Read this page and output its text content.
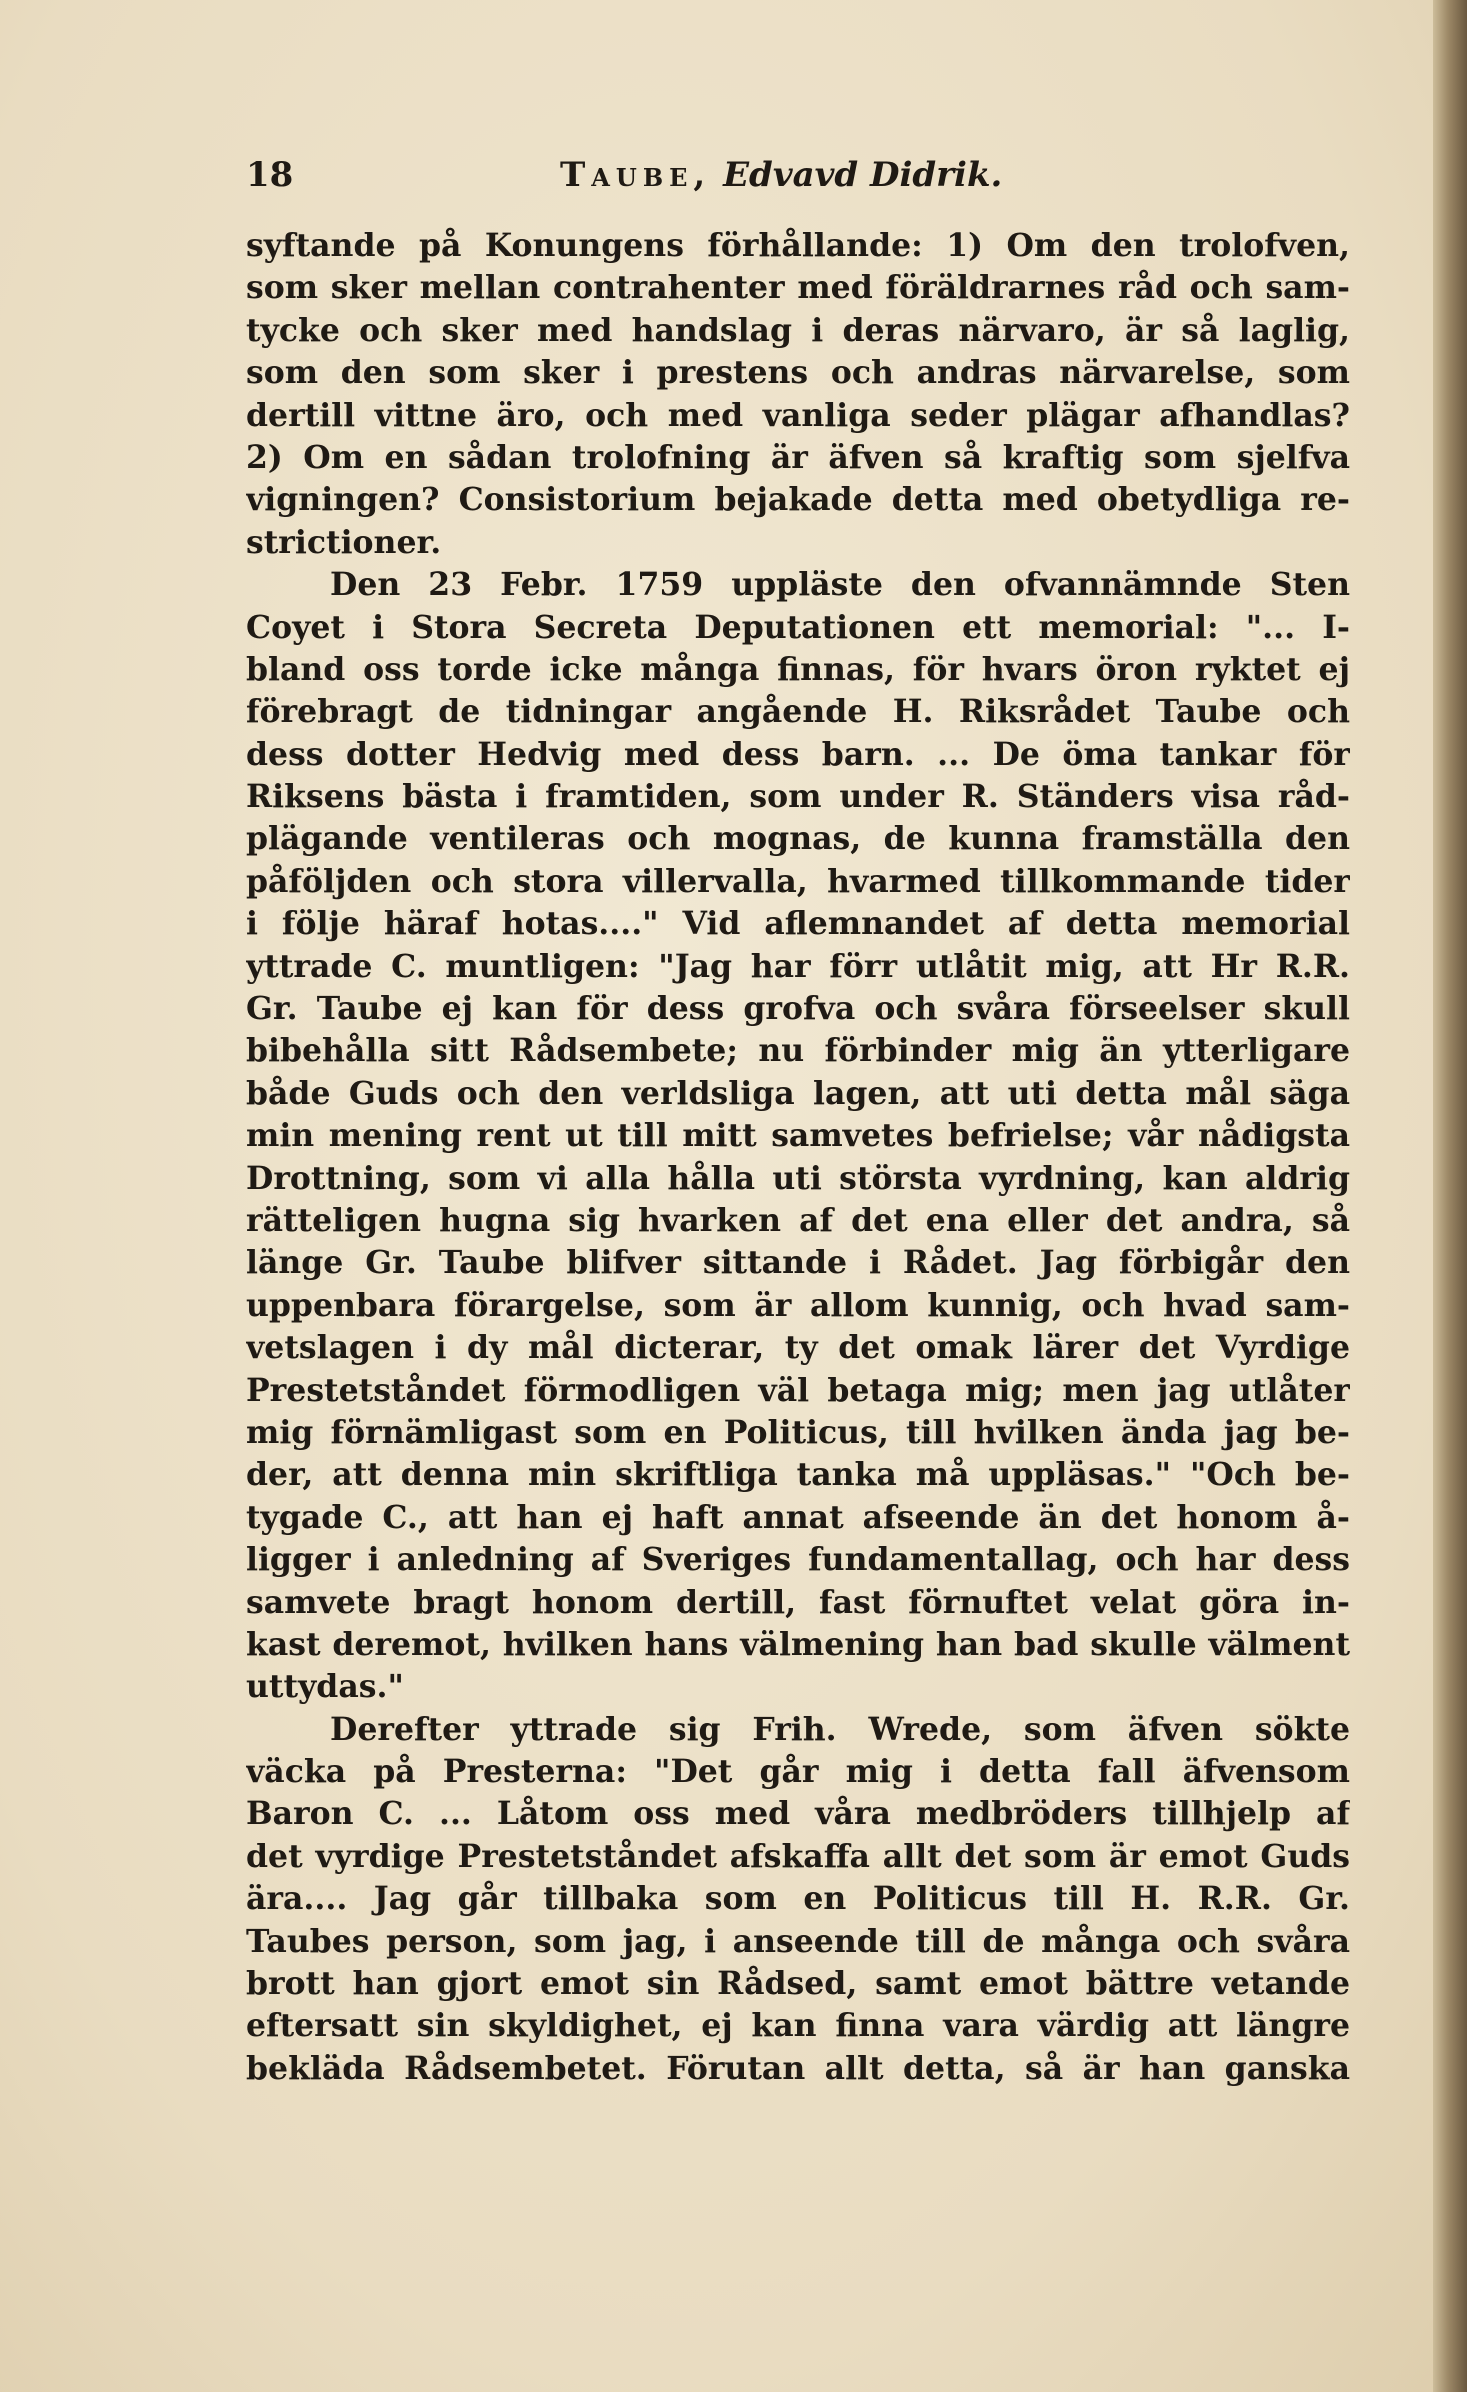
18	Taube, Edvavd Didrik.
syftande på Konungens förhållande: 1) Om den trolofven,
som sker mellan contrahenter med föräldrarnes råd och sam-
tycke och sker med handslag i deras närvaro, är så laglig,
som den som sker i prestens och andras närvarelse, som
dertill vittne äro, och med vanliga seder plägar afhandlas?
2) Om en sådan trolofning är äfven så kraftig som sjelfva
vigningen? Consistorium bejakade detta med obetydliga re-
strictioner.
Den 23 Febr. 1759 uppläste den ofvannämnde Sten
Coyet i Stora Secreta Deputationen ett memorial: "... I-
bland oss torde icke många finnas, för hvars öron ryktet ej
förebragt de tidningar angående H. Riksrådet Taube och
dess dotter Hedvig med dess barn. ... De öma tankar för
Riksens bästa i framtiden, som under R. Ständers visa råd-
plägande ventileras och mognas, de kunna framställa den
påföljden och stora villervalla, hvarmed tillkommande tider
i följe häraf hotas...." Vid aflemnandet af detta memorial
yttrade C. muntligen: "Jag har förr utlåtit mig, att Hr R.R.
Gr. Taube ej kan för dess grofva och svåra förseelser skull
bibehålla sitt Rådsembete; nu förbinder mig än ytterligare
både Guds och den verldsliga lagen, att uti detta mål säga
min mening rent ut till mitt samvetes befrielse; vår nådigsta
Drottning, som vi alla hålla uti största vyrdning, kan aldrig
rätteligen hugna sig hvarken af det ena eller det andra, så
länge Gr. Taube blifver sittande i Rådet. Jag förbigår den
uppenbara förargelse, som är allom kunnig, och hvad sam-
vetslagen i dy mål dicterar, ty det omak lärer det Vyrdige
Prestetståndet förmodligen väl betaga mig; men jag utlåter
mig förnämligast som en Politicus, till hvilken ända jag be-
der, att denna min skriftliga tanka må uppläsas." "Och be-
tygade C., att han ej haft annat afseende än det honom å-
ligger i anledning af Sveriges fundamentallag, och har dess
samvete bragt honom dertill, fast förnuftet velat göra in-
kast deremot, hvilken hans välmening han bad skulle välment
uttydas."
Derefter yttrade sig Frih. Wrede, som äfven sökte
väcka på Presterna: "Det går mig i detta fall äfvensom
Baron C. ... Låtom oss med våra medbröders tillhjelp af
det vyrdige Prestetståndet afskaffa allt det som är emot Guds
ära.... Jag går tillbaka som en Politicus till H. R.R. Gr.
Taubes person, som jag, i anseende till de många och svåra
brott han gjort emot sin Rådsed, samt emot bättre vetande
eftersatt sin skyldighet, ej kan finna vara värdig att längre
bekläda Rådsembetet. Förutan allt detta, så är han ganska
